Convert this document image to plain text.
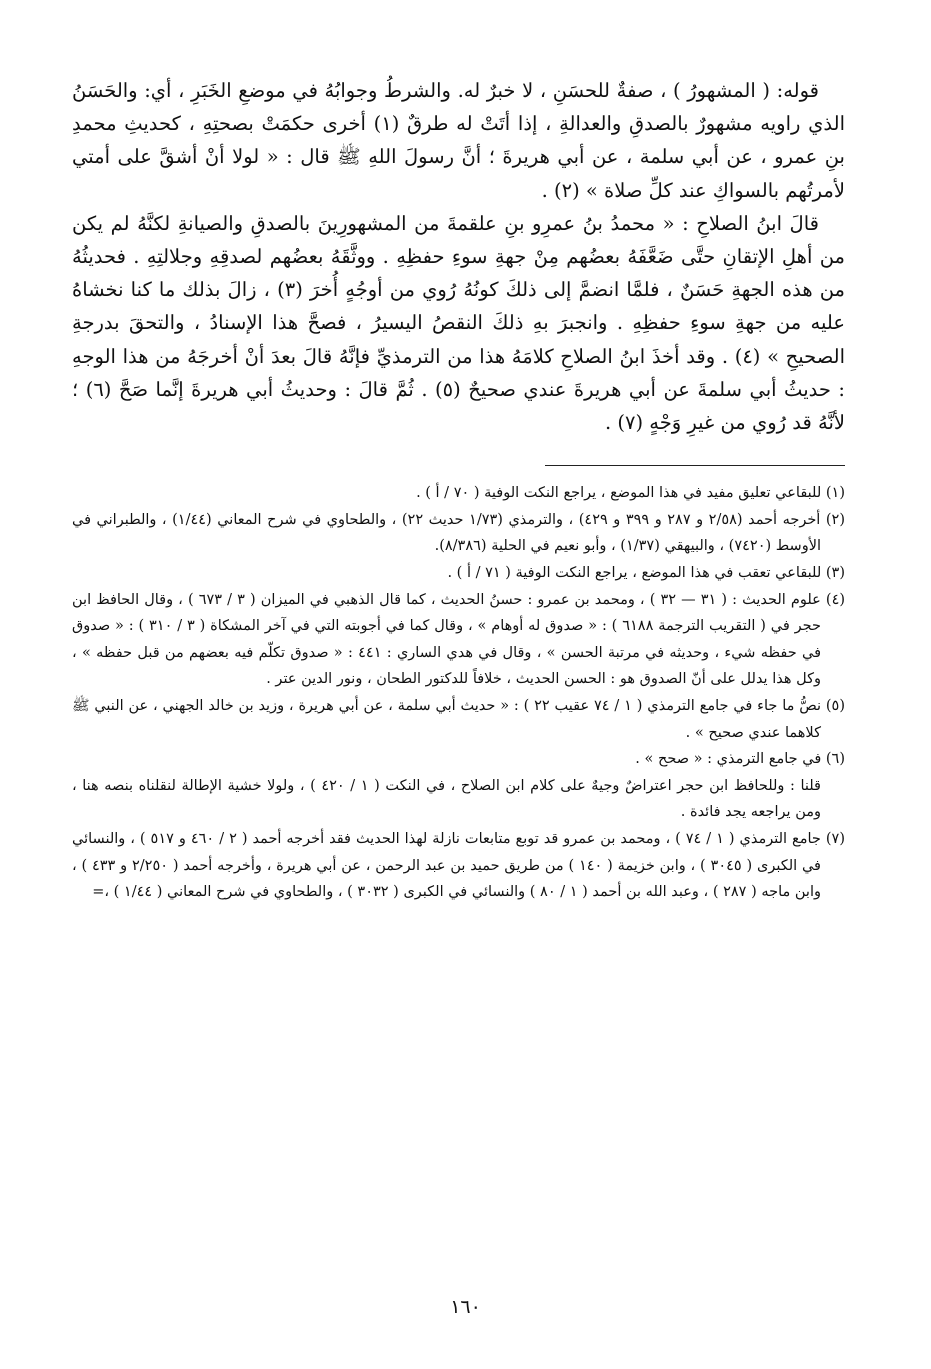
قوله: ( المشهورُ ) ، صفةٌ للحسَنِ ، لا خبرٌ له. والشرطُ وجوابُهُ في موضعِ الخَبَرِ ، أي: والحَسَنُ الذي راويه مشهورٌ بالصدقِ والعدالةِ ، إذا أتَتْ له طرقٌ (١) أخرى حكمَتْ بصحتِهِ ، كحديثِ محمدِ بنِ عمرو ، عن أبي سلمة ، عن أبي هريرةَ ؛ أنَّ رسولَ اللهِ ﷺ قال : « لولا أنْ أشقَّ على أمتي لأمرتُهم بالسواكِ عند كلِّ صلاة » (٢) .

قالَ ابنُ الصلاحِ : « محمدُ بنُ عمرِو بنِ علقمةَ من المشهورِينَ بالصدقِ والصيانةِ لكنَّهُ لم يكن من أهلِ الإتقانِ حتَّى ضَعَّفَهُ بعضُهم مِنْ جهةِ سوءِ حفظِهِ . ووثَّقَهُ بعضُهم لصدقِهِ وجلالتِهِ . فحديثُهُ من هذه الجهةِ حَسَنٌ ، فلمَّا انضمَّ إلى ذلكَ كونُهُ رُوي من أوجُهٍ أُخرَ (٣) ، زالَ بذلك ما كنا نخشاهُ عليه من جهةِ سوءِ حفظِهِ . وانجبرَ بهِ ذلكَ النقصُ اليسيرُ ، فصحَّ هذا الإسنادُ ، والتحقَ بدرجةِ الصحيحِ » (٤) . وقد أخذَ ابنُ الصلاحِ كلامَهُ هذا من الترمذيِّ فإنَّهُ قالَ بعدَ أنْ أخرجَهُ من هذا الوجهِ : حديثُ أبي سلمةَ عن أبي هريرةَ عندي صحيحٌ (٥) . ثُمَّ قالَ : وحديثُ أبي هريرةَ إنَّما صَحَّ (٦) ؛ لأنَّهُ قد رُوي من غيرِ وَجْهٍ (٧) .

(١) للبقاعي تعليق مفيد في هذا الموضع ، يراجع النكت الوفية ( ٧٠ / أ ) .

(٢) أخرجه أحمد (٢/٥٨ و ٢٨٧ و ٣٩٩ و ٤٢٩) ، والترمذي (١/٧٣ حديث ٢٢) ، والطحاوي في شرح المعاني (١/٤٤) ، والطبراني في الأوسط (٧٤٢٠) ، والبيهقي (١/٣٧) ، وأبو نعيم في الحلية (٨/٣٨٦).

(٣) للبقاعي تعقب في هذا الموضع ، يراجع النكت الوفية ( ٧١ / أ ) .

(٤) علوم الحديث : ( ٣١ — ٣٢ ) ، ومحمد بن عمرو : حسنُ الحديث ، كما قال الذهبي في الميزان ( ٣ / ٦٧٣ ) ، وقال الحافظ ابن حجر في ( التقريب الترجمة ٦١٨٨ ) : « صدوق له أوهام » ، وقال كما في أجوبته التي في آخر المشكاة ( ٣ / ٣١٠ ) : « صدوق في حفظه شيء ، وحديثه في مرتبة الحسن » ، وقال في هدي الساري : ٤٤١ : « صدوق تكلّم فيه بعضهم من قبل حفظه » ، وكل هذا يدلل على أنّ الصدوق هو : الحسن الحديث ، خلافاً للدكتور الطحان ، ونور الدين عتر .

(٥) نصُّ ما جاء في جامع الترمذي ( ١ / ٧٤ عقيب ٢٢ ) : « حديث أبي سلمة ، عن أبي هريرة ، وزيد بن خالد الجهني ، عن النبي ﷺ كلاهما عندي صحيح » .

(٦) في جامع الترمذي : « صحح » .

قلنا : وللحافظ ابن حجر اعتراضٌ وجيهٌ على كلام ابن الصلاح ، في النكت ( ١ / ٤٢٠ ) ، ولولا خشية الإطالة لنقلناه بنصه هنا ، ومن يراجعه يجد فائدة .

(٧) جامع الترمذي ( ١ / ٧٤ ) ، ومحمد بن عمرو قد توبع متابعات نازلة لهذا الحديث فقد أخرجه أحمد ( ٢ / ٤٦٠ و ٥١٧ ) ، والنسائي في الكبرى ( ٣٠٤٥ ) ، وابن خزيمة ( ١٤٠ ) من طريق حميد بن عبد الرحمن ، عن أبي هريرة ، وأخرجه أحمد ( ٢/٢٥٠ و ٤٣٣ ) ، وابن ماجه ( ٢٨٧ ) ، وعبد الله بن أحمد ( ١ / ٨٠ ) والنسائي في الكبرى ( ٣٠٣٢ ) ، والطحاوي في شرح المعاني ( ١/٤٤ ) ،=

١٦٠
